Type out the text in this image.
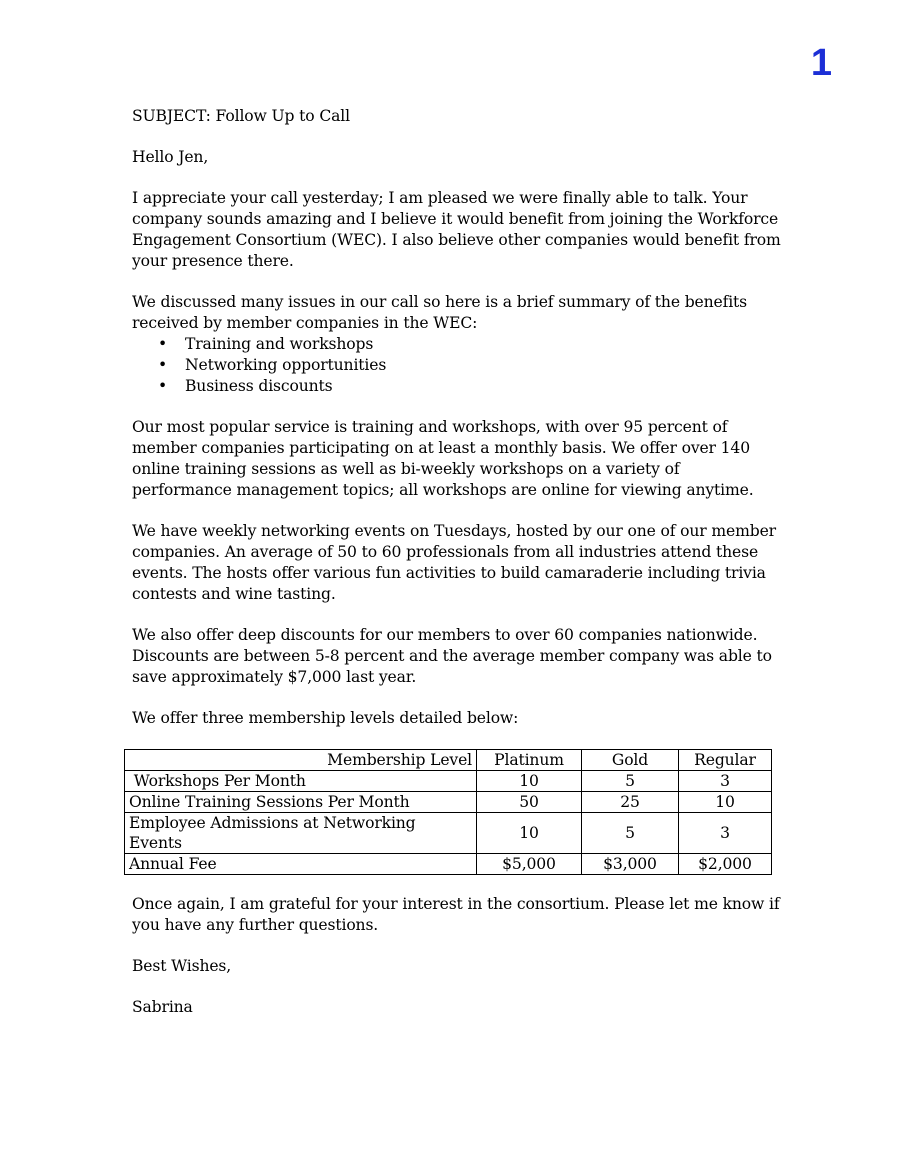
1

SUBJECT: Follow Up to Call

Hello Jen,

I appreciate your call yesterday; I am pleased we were finally able to talk. Your company sounds amazing and I believe it would benefit from joining the Workforce Engagement Consortium (WEC). I also believe other companies would benefit from your presence there.

We discussed many issues in our call so here is a brief summary of the benefits received by member companies in the WEC:

• Training and workshops
• Networking opportunities
• Business discounts

Our most popular service is training and workshops, with over 95 percent of member companies participating on at least a monthly basis. We offer over 140 online training sessions as well as bi-weekly workshops on a variety of performance management topics; all workshops are online for viewing anytime.

We have weekly networking events on Tuesdays, hosted by our one of our member companies. An average of 50 to 60 professionals from all industries attend these events. The hosts offer various fun activities to build camaraderie including trivia contests and wine tasting.

We also offer deep discounts for our members to over 60 companies nationwide. Discounts are between 5-8 percent and the average member company was able to save approximately $7,000 last year.

We offer three membership levels detailed below:

Membership Level	Platinum	Gold	Regular
Workshops Per Month	10	5	3
Online Training Sessions Per Month	50	25	10
Employee Admissions at Networking Events	10	5	3
Annual Fee	$5,000	$3,000	$2,000

Once again, I am grateful for your interest in the consortium. Please let me know if you have any further questions.

Best Wishes,

Sabrina
